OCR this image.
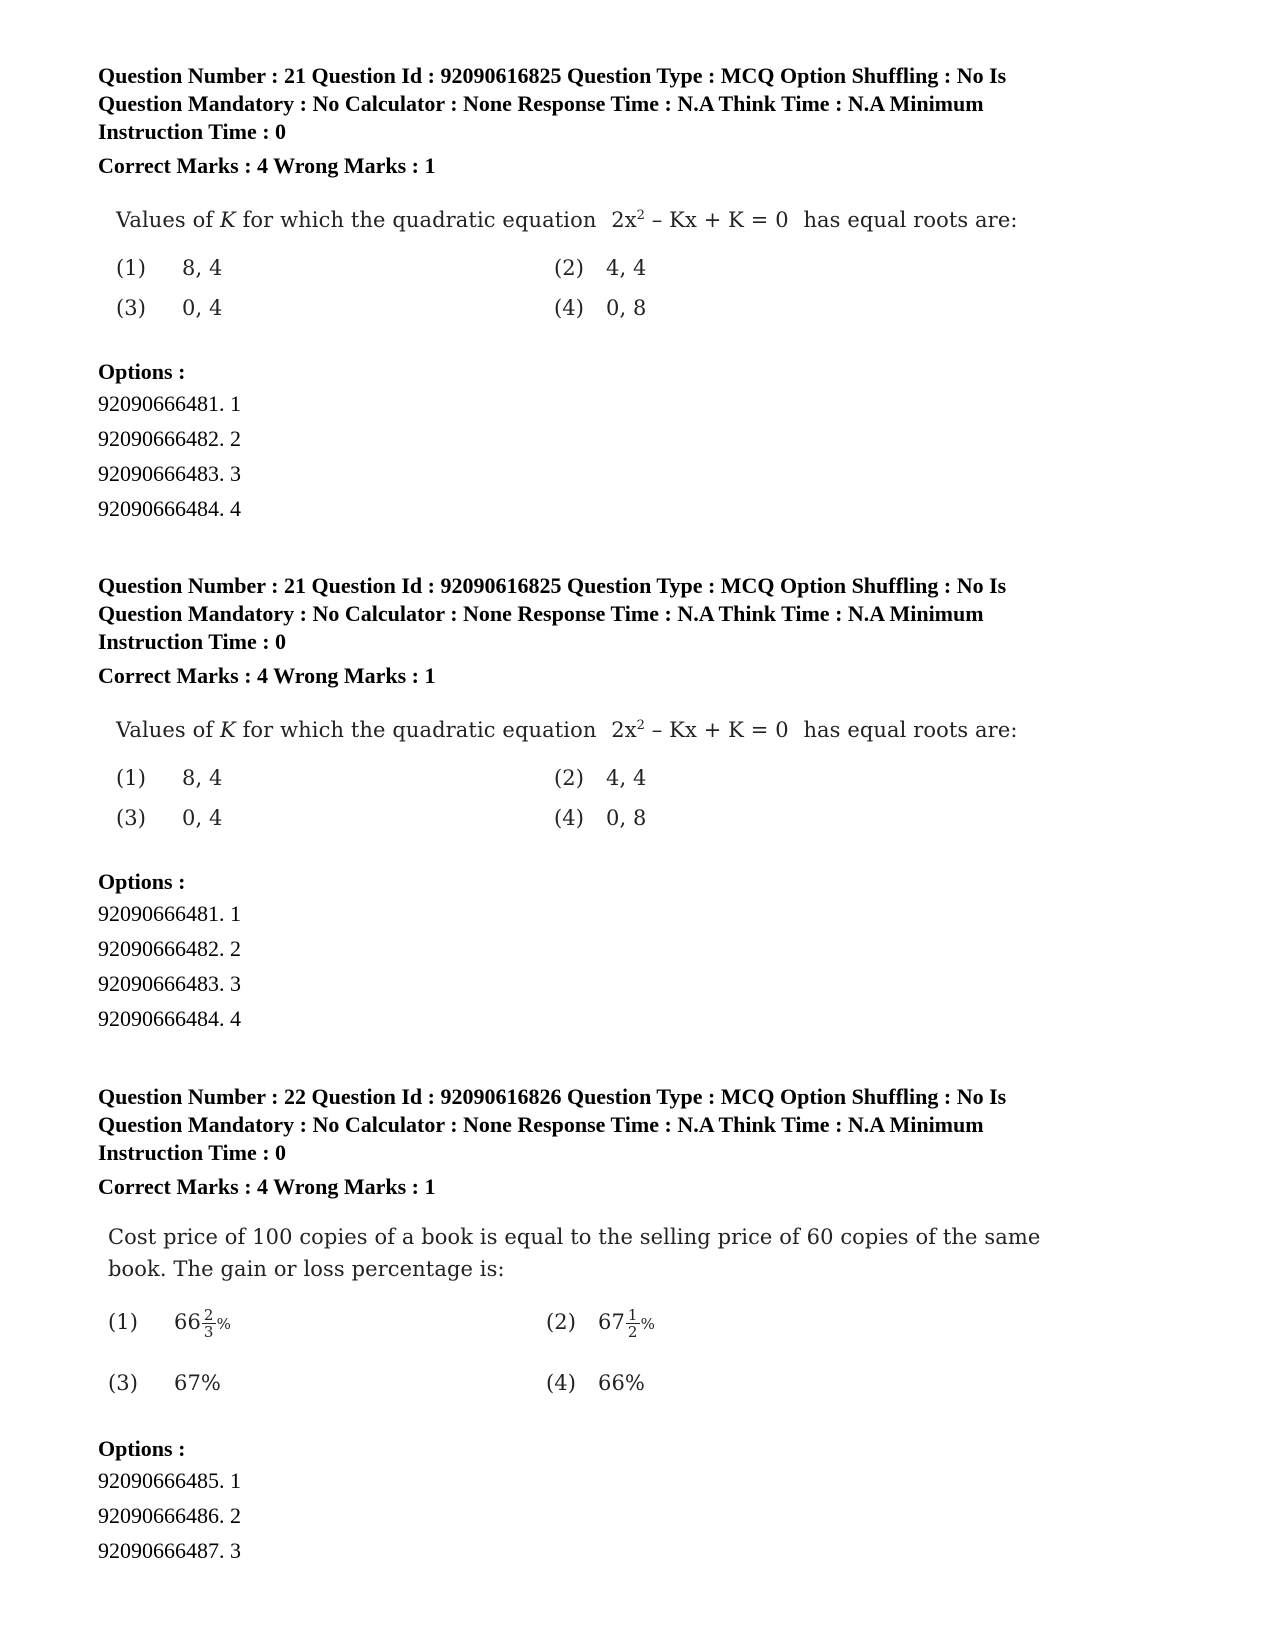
Question Number : 21 Question Id : 92090616825 Question Type : MCQ Option Shuffling : No Is
Question Mandatory : No Calculator : None Response Time : N.A Think Time : N.A Minimum
Instruction Time : 0
Correct Marks : 4 Wrong Marks : 1
Values of K for which the quadratic equation $2x^2 - Kx + K = 0$ has equal roots are:
(1) 8, 4	(2) 4, 4
(3) 0, 4	(4) 0, 8
Options :
92090666481. 1
92090666482. 2
92090666483. 3
92090666484. 4
Question Number : 21 Question Id : 92090616825 Question Type : MCQ Option Shuffling : No Is
Question Mandatory : No Calculator : None Response Time : N.A Think Time : N.A Minimum
Instruction Time : 0
Correct Marks : 4 Wrong Marks : 1
Values of K for which the quadratic equation $2x^2 - Kx + K = 0$ has equal roots are:
(1) 8, 4	(2) 4, 4
(3) 0, 4	(4) 0, 8
Options :
92090666481. 1
92090666482. 2
92090666483. 3
92090666484. 4
Question Number : 22 Question Id : 92090616826 Question Type : MCQ Option Shuffling : No Is
Question Mandatory : No Calculator : None Response Time : N.A Think Time : N.A Minimum
Instruction Time : 0
Correct Marks : 4 Wrong Marks : 1
Cost price of 100 copies of a book is equal to the selling price of 60 copies of the same
book. The gain or loss percentage is:
(1) $66 \frac{2}{3}$ %	(2) $67 \frac{1}{2}$ %
(3) 67%	(4) 66%
Options :
92090666485. 1
92090666486. 2
92090666487. 3
